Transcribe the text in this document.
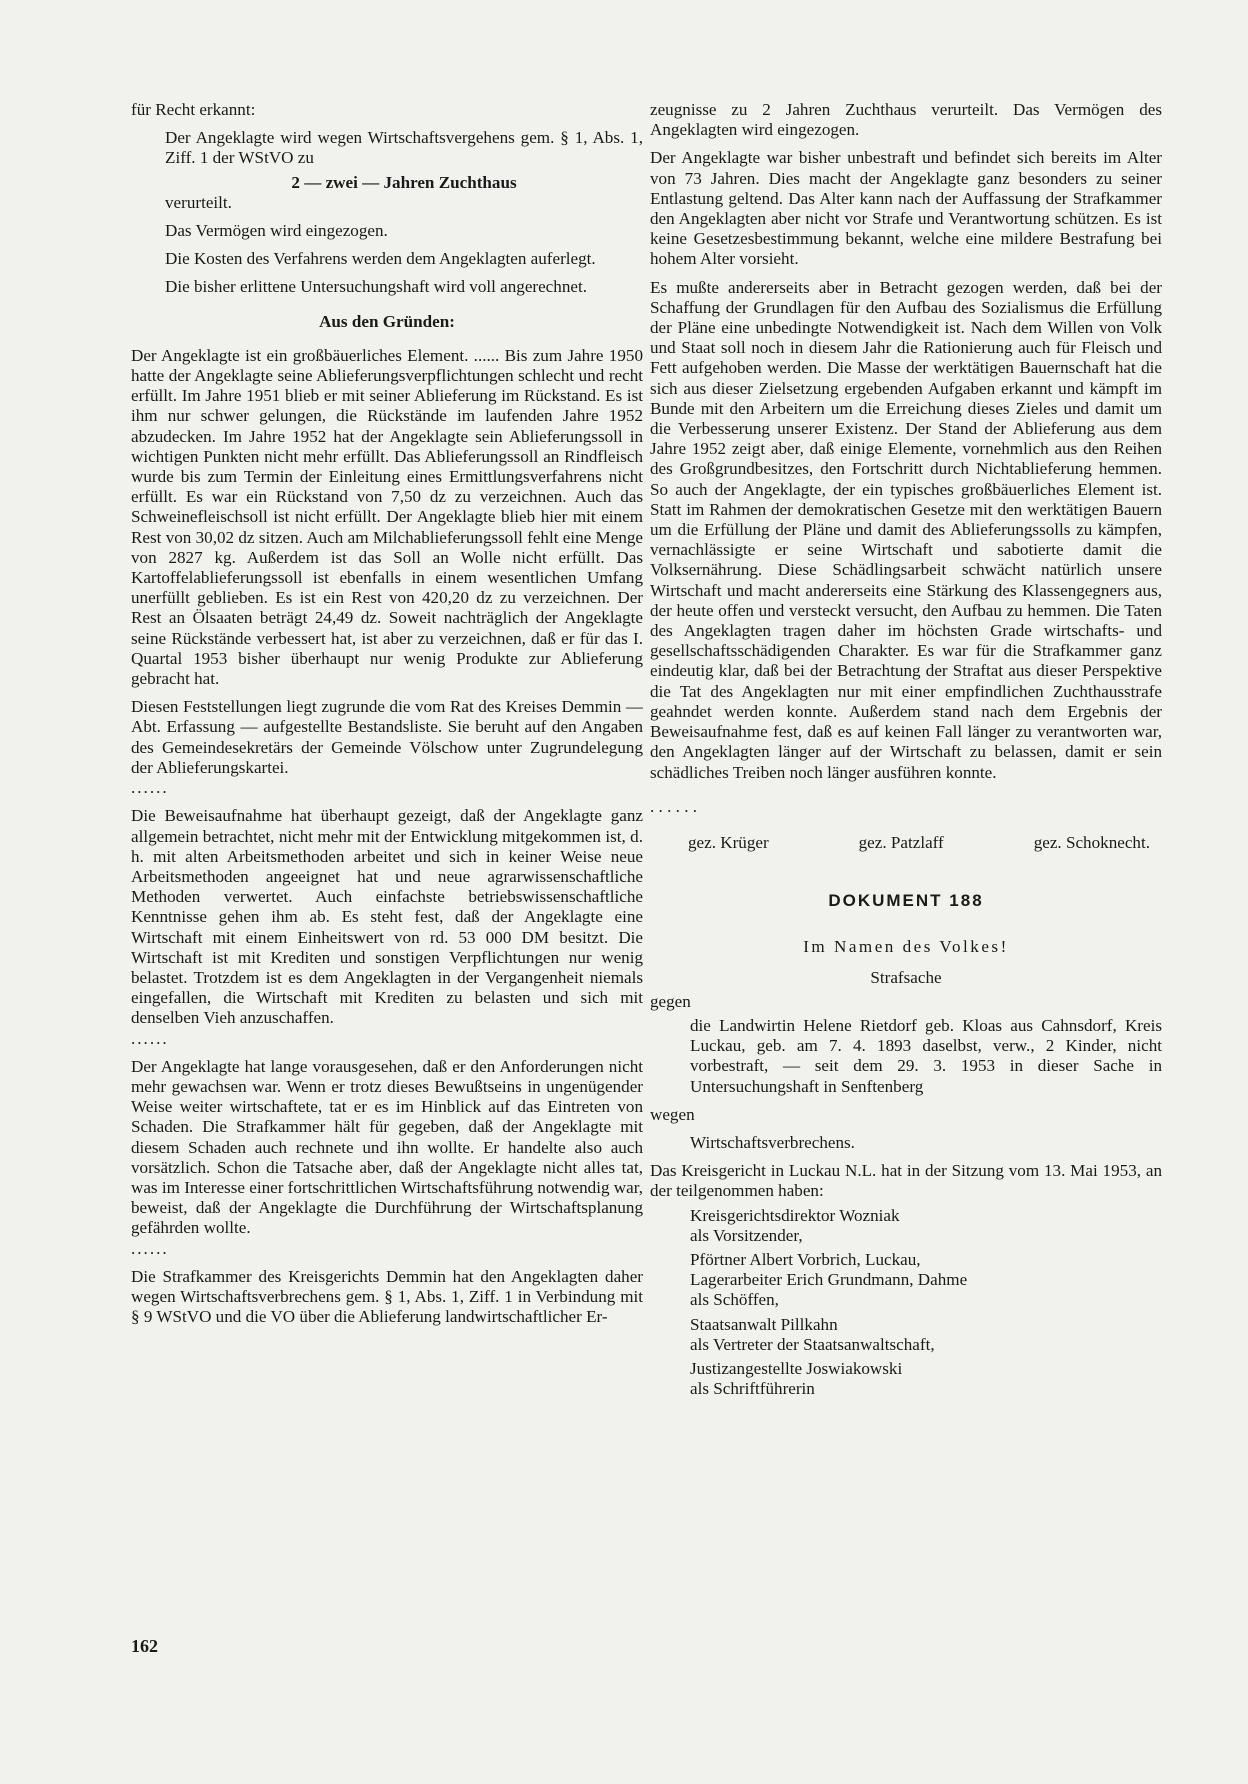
für Recht erkannt:

Der Angeklagte wird wegen Wirtschaftsvergehens gem. § 1, Abs. 1, Ziff. 1 der WStVO zu

2 — zwei — Jahren Zuchthaus

verurteilt.

Das Vermögen wird eingezogen.

Die Kosten des Verfahrens werden dem Angeklagten auferlegt.

Die bisher erlittene Untersuchungshaft wird voll angerechnet.

Aus den Gründen:

Der Angeklagte ist ein großbäuerliches Element. ...... Bis zum Jahre 1950 hatte der Angeklagte seine Ablieferungsverpflichtungen schlecht und recht erfüllt. Im Jahre 1951 blieb er mit seiner Ablieferung im Rückstand. Es ist ihm nur schwer gelungen, die Rückstände im laufenden Jahre 1952 abzudecken. Im Jahre 1952 hat der Angeklagte sein Ablieferungssoll in wichtigen Punkten nicht mehr erfüllt. Das Ablieferungssoll an Rindfleisch wurde bis zum Termin der Einleitung eines Ermittlungsverfahrens nicht erfüllt. Es war ein Rückstand von 7,50 dz zu verzeichnen. Auch das Schweinefleischsoll ist nicht erfüllt. Der Angeklagte blieb hier mit einem Rest von 30,02 dz sitzen. Auch am Milchablieferungssoll fehlt eine Menge von 2827 kg. Außerdem ist das Soll an Wolle nicht erfüllt. Das Kartoffelablieferungssoll ist ebenfalls in einem wesentlichen Umfang unerfüllt geblieben. Es ist ein Rest von 420,20 dz zu verzeichnen. Der Rest an Ölsaaten beträgt 24,49 dz. Soweit nachträglich der Angeklagte seine Rückstände verbessert hat, ist aber zu verzeichnen, daß er für das I. Quartal 1953 bisher überhaupt nur wenig Produkte zur Ablieferung gebracht hat.

Diesen Feststellungen liegt zugrunde die vom Rat des Kreises Demmin — Abt. Erfassung — aufgestellte Bestandsliste. Sie beruht auf den Angaben des Gemeindesekretärs der Gemeinde Völschow unter Zugrundelegung der Ablieferungskartei.

......

Die Beweisaufnahme hat überhaupt gezeigt, daß der Angeklagte ganz allgemein betrachtet, nicht mehr mit der Entwicklung mitgekommen ist, d. h. mit alten Arbeitsmethoden arbeitet und sich in keiner Weise neue Arbeitsmethoden angeeignet hat und neue agrarwissenschaftliche Methoden verwertet. Auch einfachste betriebswissenschaftliche Kenntnisse gehen ihm ab. Es steht fest, daß der Angeklagte eine Wirtschaft mit einem Einheitswert von rd. 53 000 DM besitzt. Die Wirtschaft ist mit Krediten und sonstigen Verpflichtungen nur wenig belastet. Trotzdem ist es dem Angeklagten in der Vergangenheit niemals eingefallen, die Wirtschaft mit Krediten zu belasten und sich mit denselben Vieh anzuschaffen.

......

Der Angeklagte hat lange vorausgesehen, daß er den Anforderungen nicht mehr gewachsen war. Wenn er trotz dieses Bewußtseins in ungenügender Weise weiter wirtschaftete, tat er es im Hinblick auf das Eintreten von Schaden. Die Strafkammer hält für gegeben, daß der Angeklagte mit diesem Schaden auch rechnete und ihn wollte. Er handelte also auch vorsätzlich. Schon die Tatsache aber, daß der Angeklagte nicht alles tat, was im Interesse einer fortschrittlichen Wirtschaftsführung notwendig war, beweist, daß der Angeklagte die Durchführung der Wirtschaftsplanung gefährden wollte.

......

Die Strafkammer des Kreisgerichts Demmin hat den Angeklagten daher wegen Wirtschaftsverbrechens gem. § 1, Abs. 1, Ziff. 1 in Verbindung mit § 9 WStVO und die VO über die Ablieferung landwirtschaftlicher Er-

zeugnisse zu 2 Jahren Zuchthaus verurteilt. Das Vermögen des Angeklagten wird eingezogen.

Der Angeklagte war bisher unbestraft und befindet sich bereits im Alter von 73 Jahren. Dies macht der Angeklagte ganz besonders zu seiner Entlastung geltend. Das Alter kann nach der Auffassung der Strafkammer den Angeklagten aber nicht vor Strafe und Verantwortung schützen. Es ist keine Gesetzesbestimmung bekannt, welche eine mildere Bestrafung bei hohem Alter vorsieht.

Es mußte andererseits aber in Betracht gezogen werden, daß bei der Schaffung der Grundlagen für den Aufbau des Sozialismus die Erfüllung der Pläne eine unbedingte Notwendigkeit ist. Nach dem Willen von Volk und Staat soll noch in diesem Jahr die Rationierung auch für Fleisch und Fett aufgehoben werden. Die Masse der werktätigen Bauernschaft hat die sich aus dieser Zielsetzung ergebenden Aufgaben erkannt und kämpft im Bunde mit den Arbeitern um die Erreichung dieses Zieles und damit um die Verbesserung unserer Existenz. Der Stand der Ablieferung aus dem Jahre 1952 zeigt aber, daß einige Elemente, vornehmlich aus den Reihen des Großgrundbesitzes, den Fortschritt durch Nichtablieferung hemmen. So auch der Angeklagte, der ein typisches großbäuerliches Element ist. Statt im Rahmen der demokratischen Gesetze mit den werktätigen Bauern um die Erfüllung der Pläne und damit des Ablieferungssolls zu kämpfen, vernachlässigte er seine Wirtschaft und sabotierte damit die Volksernährung. Diese Schädlingsarbeit schwächt natürlich unsere Wirtschaft und macht andererseits eine Stärkung des Klassengegners aus, der heute offen und versteckt versucht, den Aufbau zu hemmen. Die Taten des Angeklagten tragen daher im höchsten Grade wirtschafts- und gesellschaftsschädigenden Charakter. Es war für die Strafkammer ganz eindeutig klar, daß bei der Betrachtung der Straftat aus dieser Perspektive die Tat des Angeklagten nur mit einer empfindlichen Zuchthausstrafe geahndet werden konnte. Außerdem stand nach dem Ergebnis der Beweisaufnahme fest, daß es auf keinen Fall länger zu verantworten war, den Angeklagten länger auf der Wirtschaft zu belassen, damit er sein schädliches Treiben noch länger ausführen konnte.

. . . . . .

gez. Krüger	gez. Patzlaff	gez. Schoknecht.

DOKUMENT 188

Im Namen des Volkes!

Strafsache

gegen

die Landwirtin Helene Rietdorf geb. Kloas aus Cahnsdorf, Kreis Luckau, geb. am 7. 4. 1893 daselbst, verw., 2 Kinder, nicht vorbestraft, — seit dem 29. 3. 1953 in dieser Sache in Untersuchungshaft in Senftenberg

wegen

Wirtschaftsverbrechens.

Das Kreisgericht in Luckau N.L. hat in der Sitzung vom 13. Mai 1953, an der teilgenommen haben:

Kreisgerichtsdirektor Wozniak

als Vorsitzender,

Pförtner Albert Vorbrich, Luckau,

Lagerarbeiter Erich Grundmann, Dahme

als Schöffen,

Staatsanwalt Pillkahn

als Vertreter der Staatsanwaltschaft,

Justizangestellte Joswiakowski

als Schriftführerin

162
